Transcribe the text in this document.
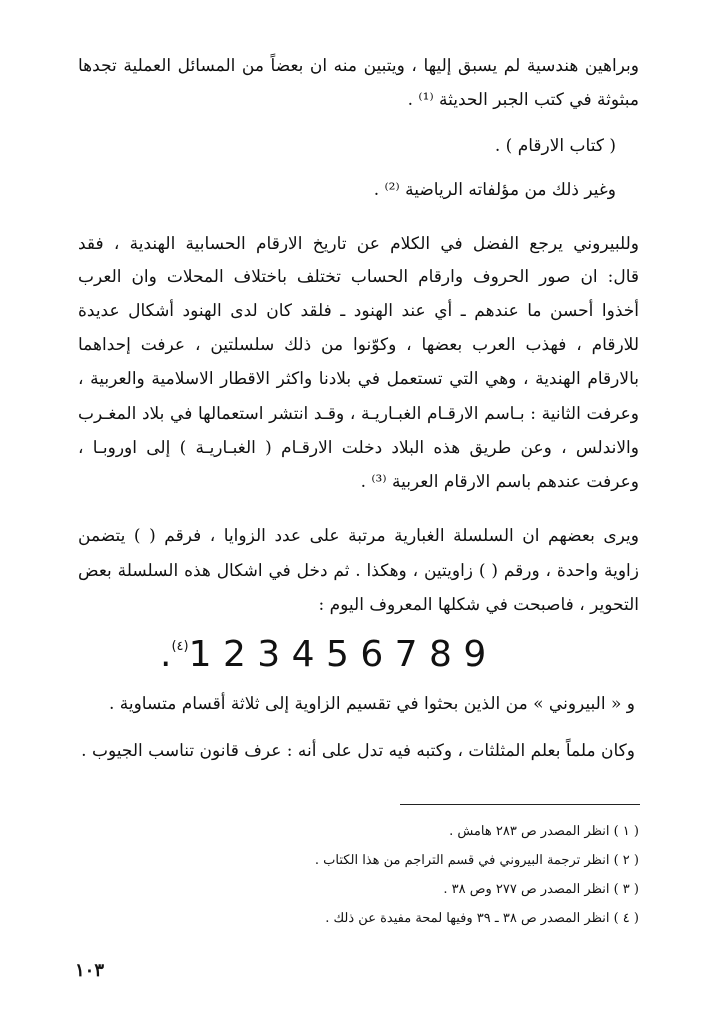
وبراهين هندسية لم يسبق إليها ، ويتبين منه ان بعضاً من المسائل العملية تجدها
مبثوثة في كتب الجبر الحديثة ⁽¹⁾ .
( كتاب الارقام ) .
وغير ذلك من مؤلفاته الرياضية ⁽²⁾ .
وللبيروني يرجع الفضل في الكلام عن تاريخ الارقام الحسابية الهندية ، فقد
قال: ان صور الحروف وارقام الحساب تختلف باختلاف المحلات وان العرب
أخذوا أحسن ما عندهم ـ أي عند الهنود ـ فلقد كان لدى الهنود أشكال عديدة
للارقام ، فهذب العرب بعضها ، وكوّنوا من ذلك سلسلتين ، عرفت إحداهما
بالارقام الهندية ، وهي التي تستعمل في بلادنا واكثر الاقطار الاسلامية والعربية ،
وعرفت الثانية : بـاسم الارقـام الغبـاريـة ، وقـد انتشر استعمالها في بلاد المغـرب
والاندلس ، وعن طريق هذه البلاد دخلت الارقـام ( الغبـاريـة ) إلى اوروبـا ،
وعرفت عندهم باسم الارقام العربية ⁽³⁾ .
ويرى بعضهم ان السلسلة الغبارية مرتبة على عدد الزوايا ، فرقم ( ) يتضمن
زاوية واحدة ، ورقم ( ) زاويتين ، وهكذا . ثم دخل في اشكال هذه السلسلة بعض
التحوير ، فاصبحت في شكلها المعروف اليوم :
.$^{(٤)}$1 2 3 4 5 6 7 8 9
و « البيروني » من الذين بحثوا في تقسيم الزاوية إلى ثلاثة أقسام متساوية .
وكان ملماً بعلم المثلثات ، وكتبه فيه تدل على أنه : عرف قانون تناسب الجيوب .
( ١ ) انظر المصدر ص ٢٨٣ هامش .
( ٢ ) انظر ترجمة البيروني في قسم التراجم من هذا الكتاب .
( ٣ ) انظر المصدر ص ٢٧٧ وص ٣٨ .
( ٤ ) انظر المصدر ص ٣٨ ـ ٣٩ وفيها لمحة مفيدة عن ذلك .
١٠٣
